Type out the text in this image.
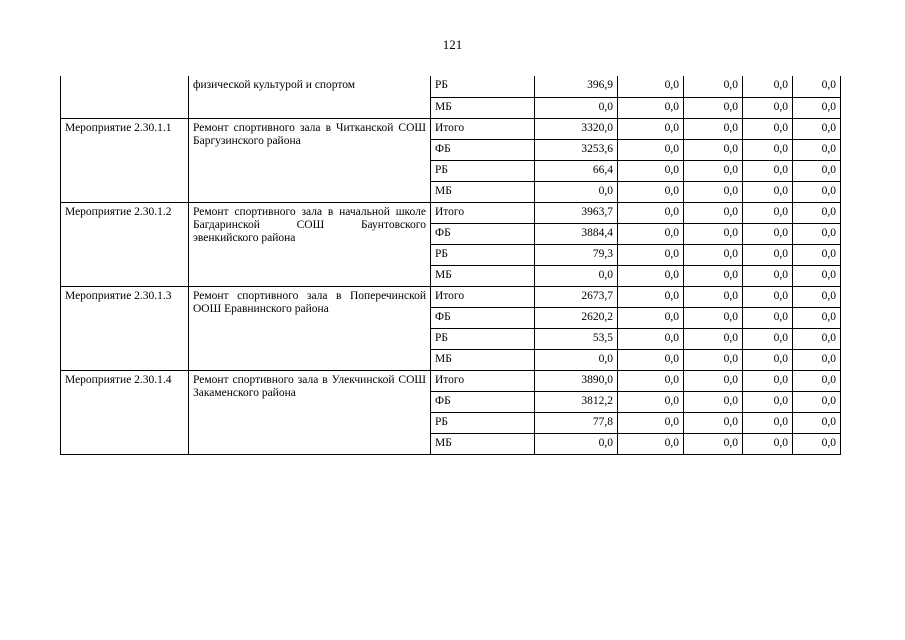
121
	физической культурой и спортом	РБ	396,9	0,0	0,0	0,0	0,0
		МБ	0,0	0,0	0,0	0,0	0,0
Мероприятие 2.30.1.1	Ремонт спортивного зала в Читканской СОШ Баргузинского района	Итого	3320,0	0,0	0,0	0,0	0,0
		ФБ	3253,6	0,0	0,0	0,0	0,0
		РБ	66,4	0,0	0,0	0,0	0,0
		МБ	0,0	0,0	0,0	0,0	0,0
Мероприятие 2.30.1.2	Ремонт спортивного зала в начальной школе Багдаринской СОШ Баунтовского эвенкийского района	Итого	3963,7	0,0	0,0	0,0	0,0
		ФБ	3884,4	0,0	0,0	0,0	0,0
		РБ	79,3	0,0	0,0	0,0	0,0
		МБ	0,0	0,0	0,0	0,0	0,0
Мероприятие 2.30.1.3	Ремонт спортивного зала в Поперечинской ООШ Еравнинского района	Итого	2673,7	0,0	0,0	0,0	0,0
		ФБ	2620,2	0,0	0,0	0,0	0,0
		РБ	53,5	0,0	0,0	0,0	0,0
		МБ	0,0	0,0	0,0	0,0	0,0
Мероприятие 2.30.1.4	Ремонт спортивного зала в Улекчинской СОШ Закаменского района	Итого	3890,0	0,0	0,0	0,0	0,0
		ФБ	3812,2	0,0	0,0	0,0	0,0
		РБ	77,8	0,0	0,0	0,0	0,0
		МБ	0,0	0,0	0,0	0,0	0,0
